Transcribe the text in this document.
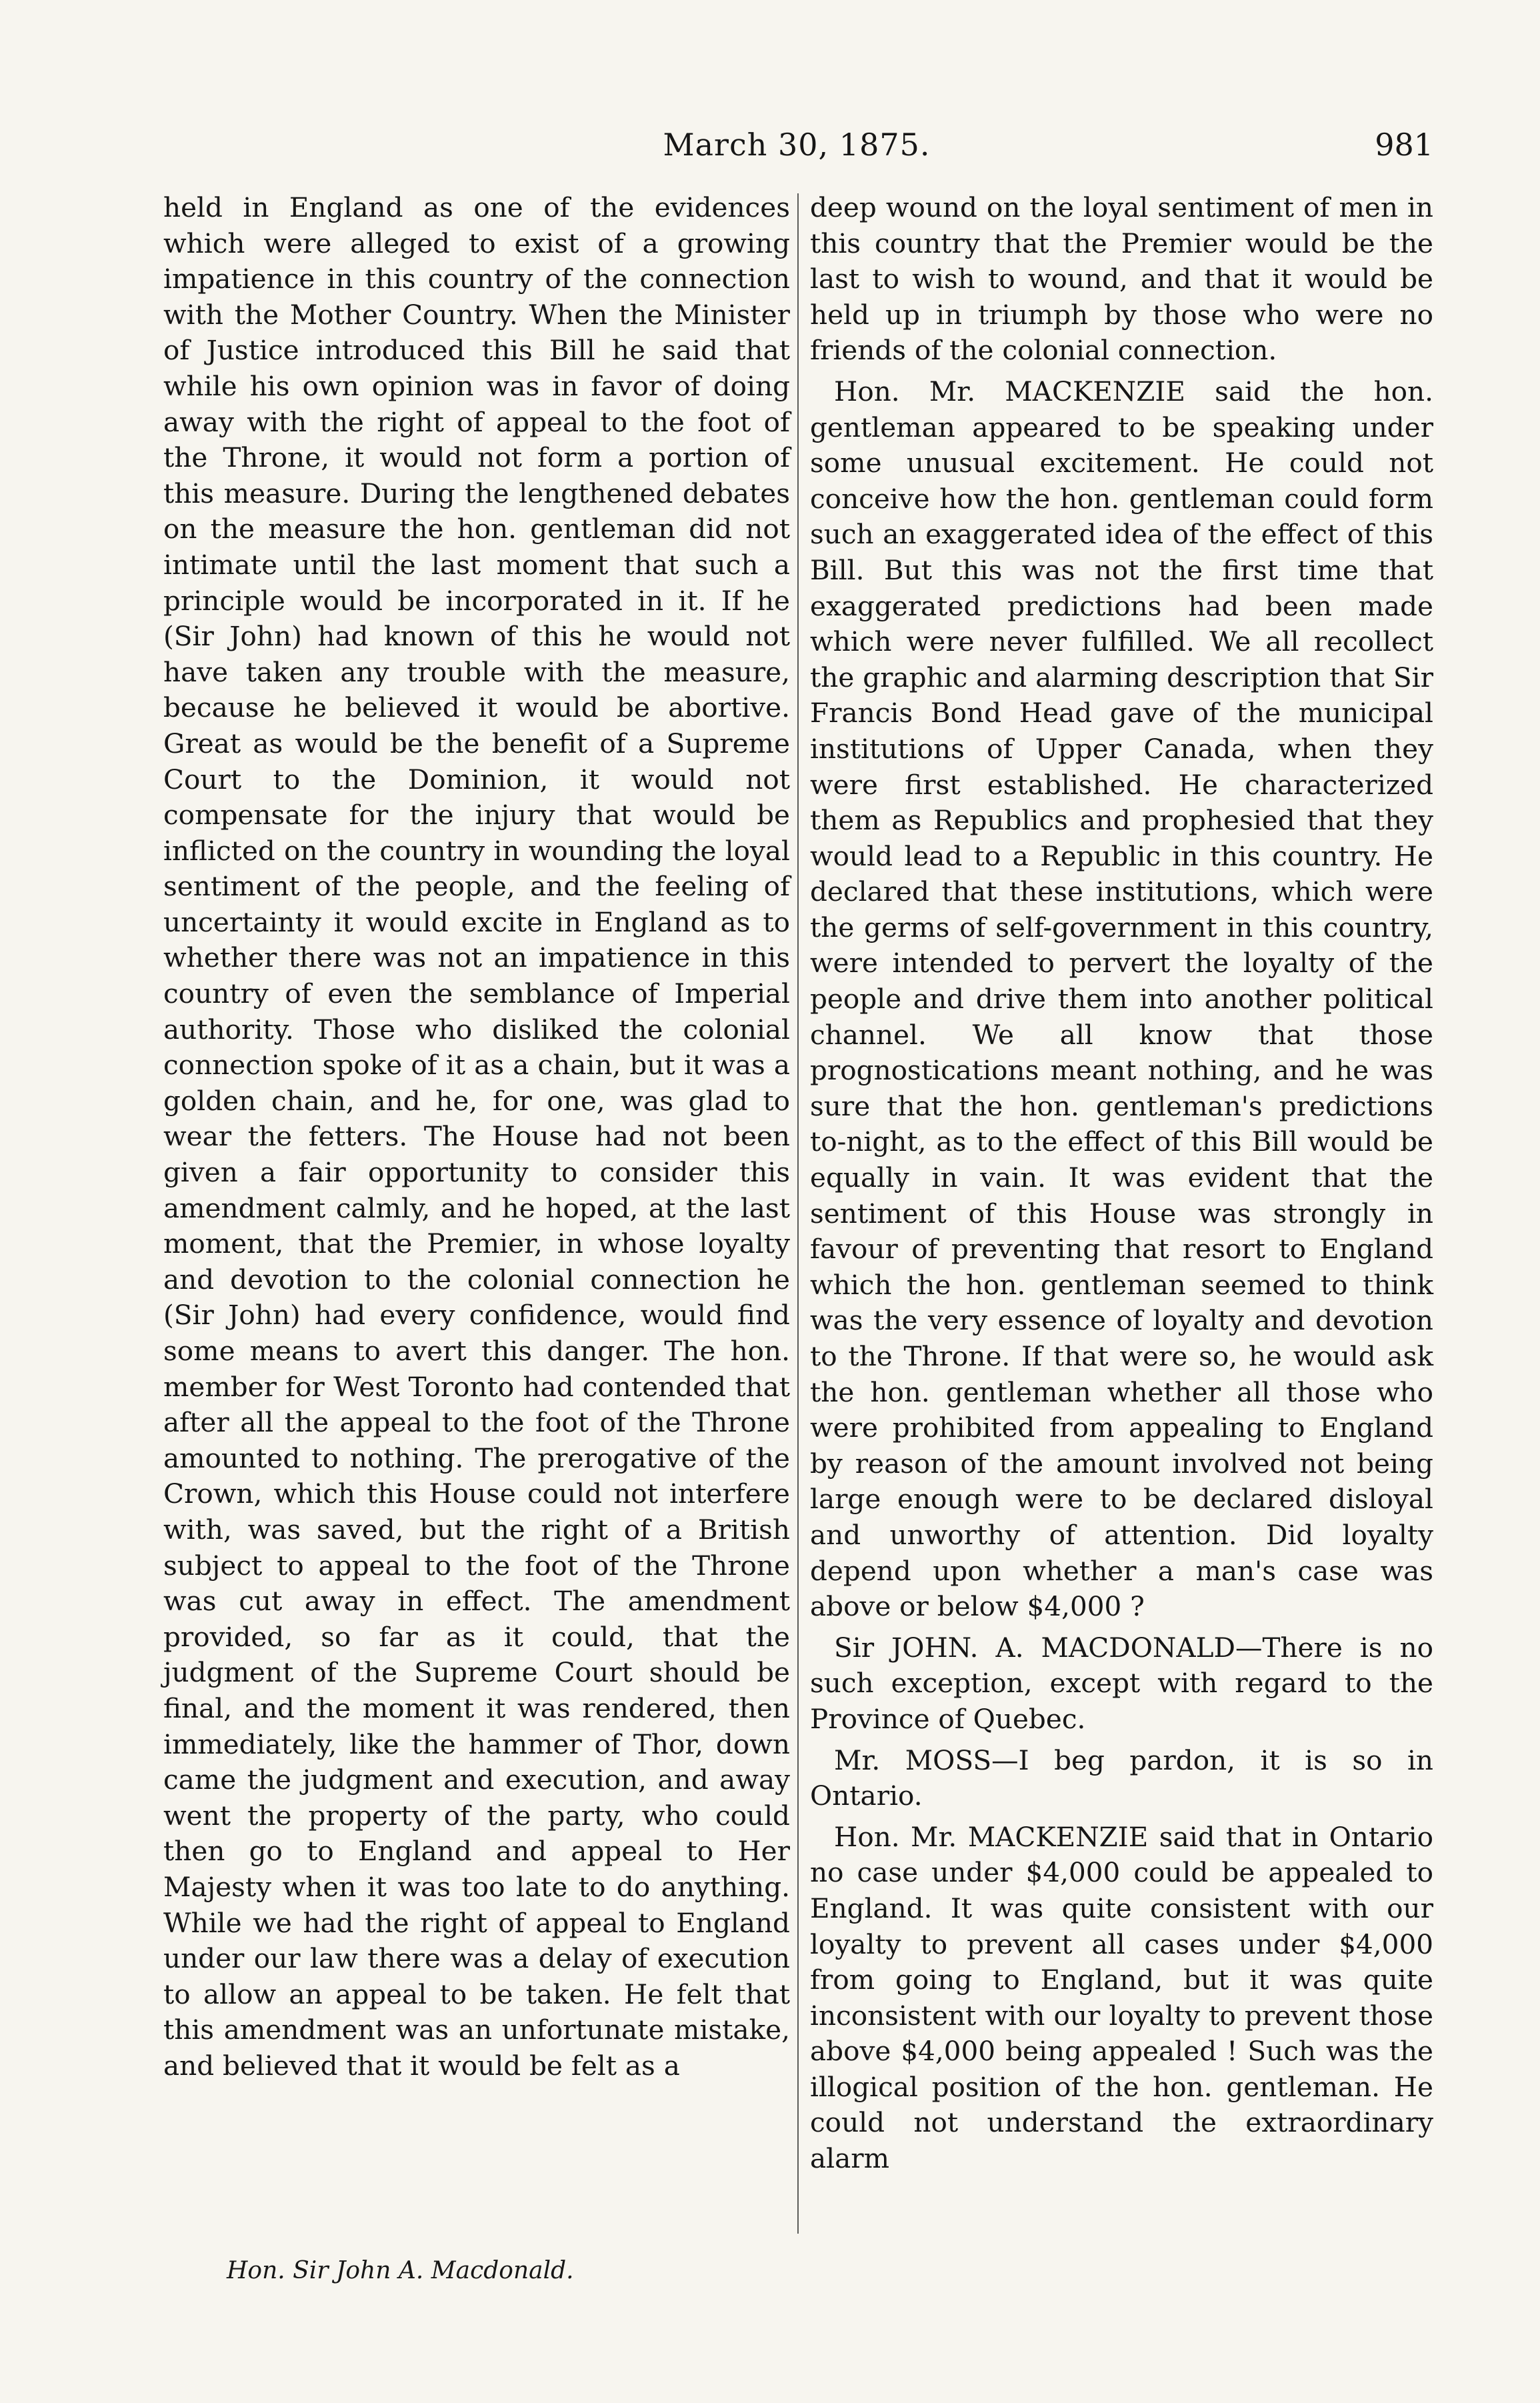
March 30, 1875.	981

held in England as one of the evidences which were alleged to exist of a growing impatience in this country of the connection with the Mother Country. When the Minister of Justice introduced this Bill he said that while his own opinion was in favor of doing away with the right of appeal to the foot of the Throne, it would not form a portion of this measure. During the lengthened debates on the measure the hon. gentleman did not intimate until the last moment that such a principle would be incorporated in it. If he (Sir John) had known of this he would not have taken any trouble with the measure, because he believed it would be abortive. Great as would be the benefit of a Supreme Court to the Dominion, it would not compensate for the injury that would be inflicted on the country in wounding the loyal sentiment of the people, and the feeling of uncertainty it would excite in England as to whether there was not an impatience in this country of even the semblance of Imperial authority. Those who disliked the colonial connection spoke of it as a chain, but it was a golden chain, and he, for one, was glad to wear the fetters. The House had not been given a fair opportunity to consider this amendment calmly, and he hoped, at the last moment, that the Premier, in whose loyalty and devotion to the colonial connection he (Sir John) had every confidence, would find some means to avert this danger. The hon. member for West Toronto had contended that after all the appeal to the foot of the Throne amounted to nothing. The prerogative of the Crown, which this House could not interfere with, was saved, but the right of a British subject to appeal to the foot of the Throne was cut away in effect. The amendment provided, so far as it could, that the judgment of the Supreme Court should be final, and the moment it was rendered, then immediately, like the hammer of Thor, down came the judgment and execution, and away went the property of the party, who could then go to England and appeal to Her Majesty when it was too late to do anything. While we had the right of appeal to England under our law there was a delay of execution to allow an appeal to be taken. He felt that this amendment was an unfortunate mistake, and believed that it would be felt as a

deep wound on the loyal sentiment of men in this country that the Premier would be the last to wish to wound, and that it would be held up in triumph by those who were no friends of the colonial connection.

Hon. Mr. MACKENZIE said the hon. gentleman appeared to be speaking under some unusual excitement. He could not conceive how the hon. gentleman could form such an exaggerated idea of the effect of this Bill. But this was not the first time that exaggerated predictions had been made which were never fulfilled. We all recollect the graphic and alarming description that Sir Francis Bond Head gave of the municipal institutions of Upper Canada, when they were first established. He characterized them as Republics and prophesied that they would lead to a Republic in this country. He declared that these institutions, which were the germs of self-government in this country, were intended to pervert the loyalty of the people and drive them into another political channel. We all know that those prognostications meant nothing, and he was sure that the hon. gentleman's predictions to-night, as to the effect of this Bill would be equally in vain. It was evident that the sentiment of this House was strongly in favour of preventing that resort to England which the hon. gentleman seemed to think was the very essence of loyalty and devotion to the Throne. If that were so, he would ask the hon. gentleman whether all those who were prohibited from appealing to England by reason of the amount involved not being large enough were to be declared disloyal and unworthy of attention. Did loyalty depend upon whether a man's case was above or below $4,000 ?

Sir JOHN. A. MACDONALD—There is no such exception, except with regard to the Province of Quebec.

Mr. MOSS—I beg pardon, it is so in Ontario.

Hon. Mr. MACKENZIE said that in Ontario no case under $4,000 could be appealed to England. It was quite consistent with our loyalty to prevent all cases under $4,000 from going to England, but it was quite inconsistent with our loyalty to prevent those above $4,000 being appealed ! Such was the illogical position of the hon. gentleman. He could not understand the extraordinary alarm

Hon. Sir John A. Macdonald.
